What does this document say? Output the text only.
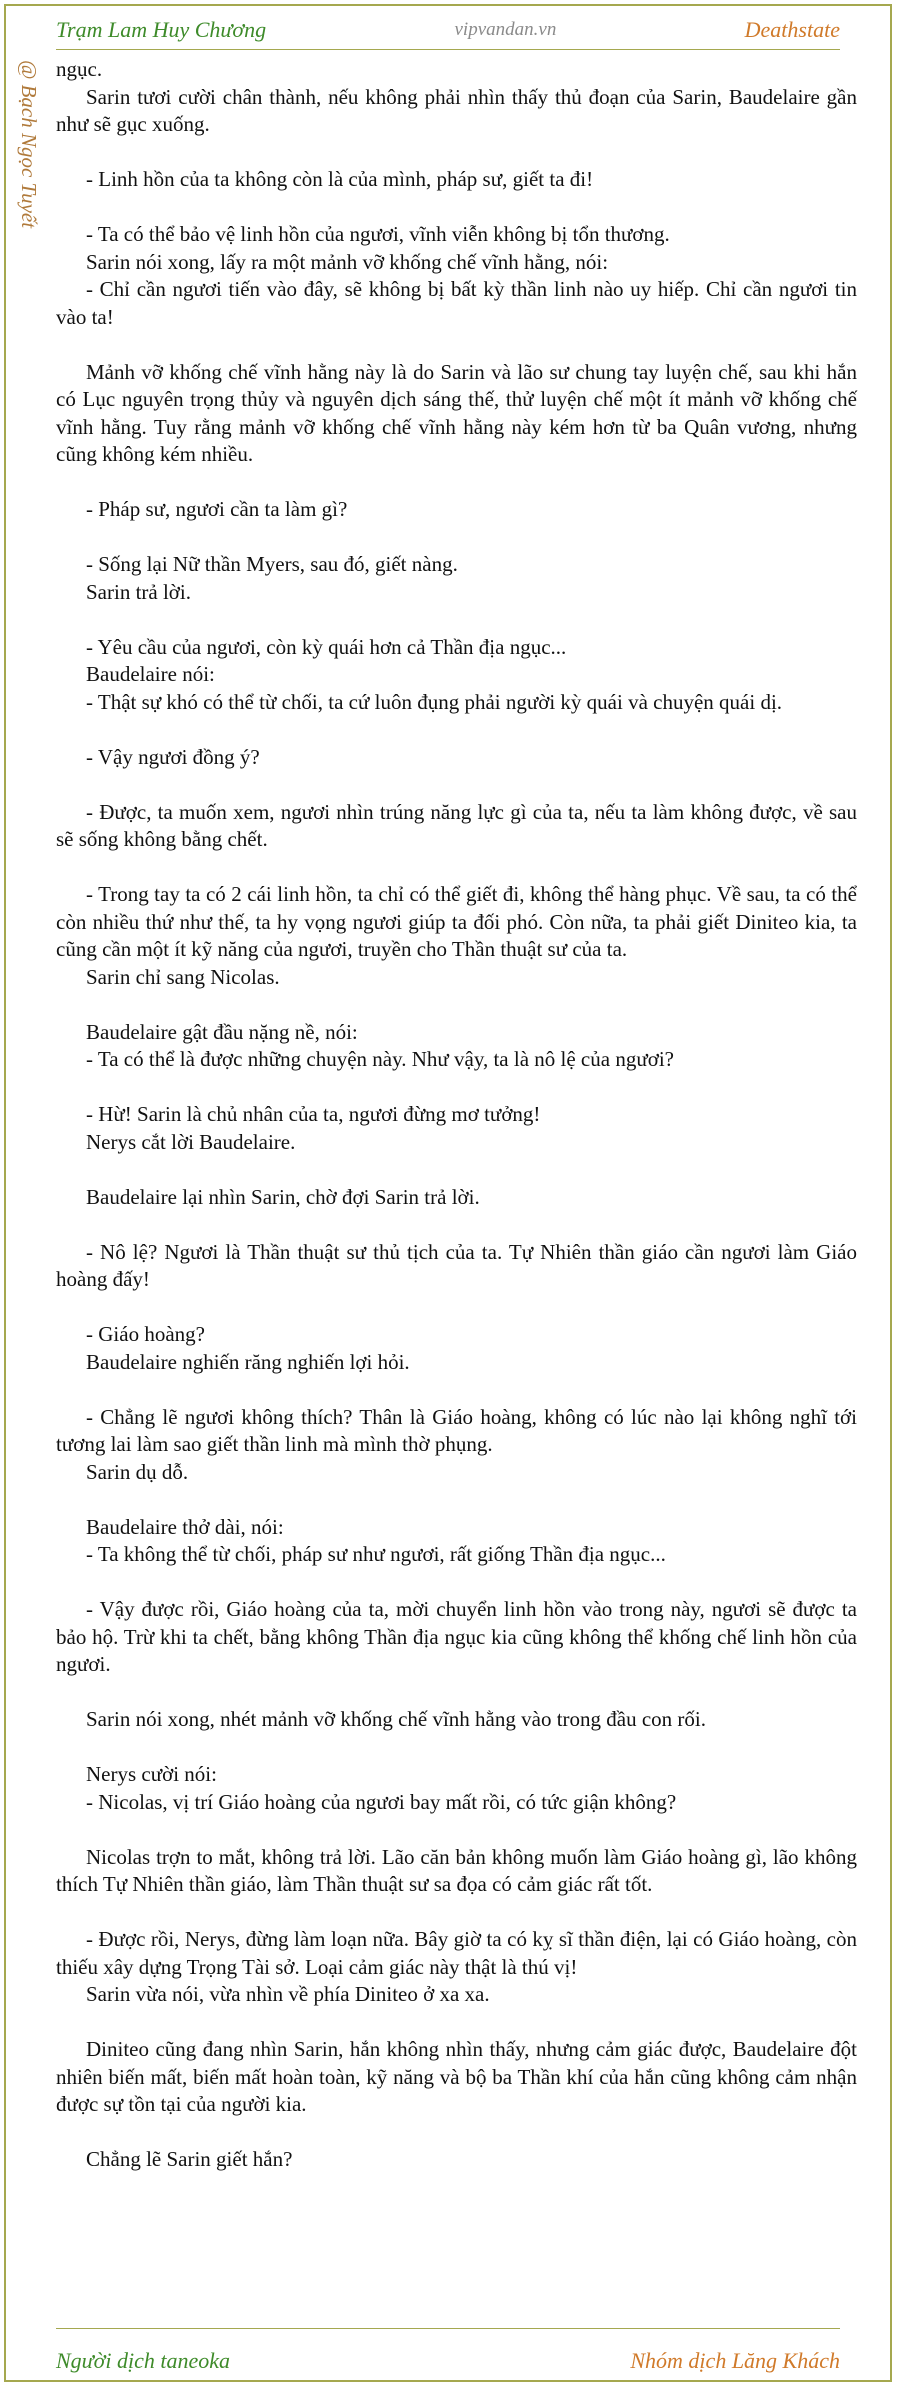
Trạm Lam Huy Chương	vipvandan.vn	Deathstate
@ Bạch Ngọc Tuyết ngục.

Sarin tươi cười chân thành, nếu không phải nhìn thấy thủ đoạn của Sarin, Baudelaire gần như sẽ gục xuống.

- Linh hồn của ta không còn là của mình, pháp sư, giết ta đi!

- Ta có thể bảo vệ linh hồn của ngươi, vĩnh viễn không bị tổn thương.

Sarin nói xong, lấy ra một mảnh vỡ khống chế vĩnh hằng, nói:

- Chỉ cần ngươi tiến vào đây, sẽ không bị bất kỳ thần linh nào uy hiếp. Chỉ cần ngươi tin vào ta!

Mảnh vỡ khống chế vĩnh hằng này là do Sarin và lão sư chung tay luyện chế, sau khi hắn có Lục nguyên trọng thủy và nguyên dịch sáng thế, thử luyện chế một ít mảnh vỡ khống chế vĩnh hằng. Tuy rằng mảnh vỡ khống chế vĩnh hằng này kém hơn từ ba Quân vương, nhưng cũng không kém nhiều.

- Pháp sư, ngươi cần ta làm gì?

- Sống lại Nữ thần Myers, sau đó, giết nàng.

Sarin trả lời.

- Yêu cầu của ngươi, còn kỳ quái hơn cả Thần địa ngục...

Baudelaire nói:

- Thật sự khó có thể từ chối, ta cứ luôn đụng phải người kỳ quái và chuyện quái dị.

- Vậy ngươi đồng ý?

- Được, ta muốn xem, ngươi nhìn trúng năng lực gì của ta, nếu ta làm không được, về sau sẽ sống không bằng chết.

- Trong tay ta có 2 cái linh hồn, ta chỉ có thể giết đi, không thể hàng phục. Về sau, ta có thể còn nhiều thứ như thế, ta hy vọng ngươi giúp ta đối phó. Còn nữa, ta phải giết Diniteo kia, ta cũng cần một ít kỹ năng của ngươi, truyền cho Thần thuật sư của ta.

Sarin chỉ sang Nicolas.

Baudelaire gật đầu nặng nề, nói:

- Ta có thể là được những chuyện này. Như vậy, ta là nô lệ của ngươi?

- Hừ! Sarin là chủ nhân của ta, ngươi đừng mơ tưởng!

Nerys cắt lời Baudelaire.

Baudelaire lại nhìn Sarin, chờ đợi Sarin trả lời.

- Nô lệ? Ngươi là Thần thuật sư thủ tịch của ta. Tự Nhiên thần giáo cần ngươi làm Giáo hoàng đấy!

- Giáo hoàng?

Baudelaire nghiến răng nghiến lợi hỏi.

- Chẳng lẽ ngươi không thích? Thân là Giáo hoàng, không có lúc nào lại không nghĩ tới tương lai làm sao giết thần linh mà mình thờ phụng.

Sarin dụ dỗ.

Baudelaire thở dài, nói:

- Ta không thể từ chối, pháp sư như ngươi, rất giống Thần địa ngục...

- Vậy được rồi, Giáo hoàng của ta, mời chuyển linh hồn vào trong này, ngươi sẽ được ta bảo hộ. Trừ khi ta chết, bằng không Thần địa ngục kia cũng không thể khống chế linh hồn của ngươi.

Sarin nói xong, nhét mảnh vỡ khống chế vĩnh hằng vào trong đầu con rối.

Nerys cười nói:

- Nicolas, vị trí Giáo hoàng của ngươi bay mất rồi, có tức giận không?

Nicolas trợn to mắt, không trả lời. Lão căn bản không muốn làm Giáo hoàng gì, lão không thích Tự Nhiên thần giáo, làm Thần thuật sư sa đọa có cảm giác rất tốt.

- Được rồi, Nerys, đừng làm loạn nữa. Bây giờ ta có kỵ sĩ thần điện, lại có Giáo hoàng, còn thiếu xây dựng Trọng Tài sở. Loại cảm giác này thật là thú vị!

Sarin vừa nói, vừa nhìn về phía Diniteo ở xa xa.

Diniteo cũng đang nhìn Sarin, hắn không nhìn thấy, nhưng cảm giác được, Baudelaire đột nhiên biến mất, biến mất hoàn toàn, kỹ năng và bộ ba Thần khí của hắn cũng không cảm nhận được sự tồn tại của người kia.

Chẳng lẽ Sarin giết hắn?

Người dịch taneoka	Nhóm dịch Lăng Khách
